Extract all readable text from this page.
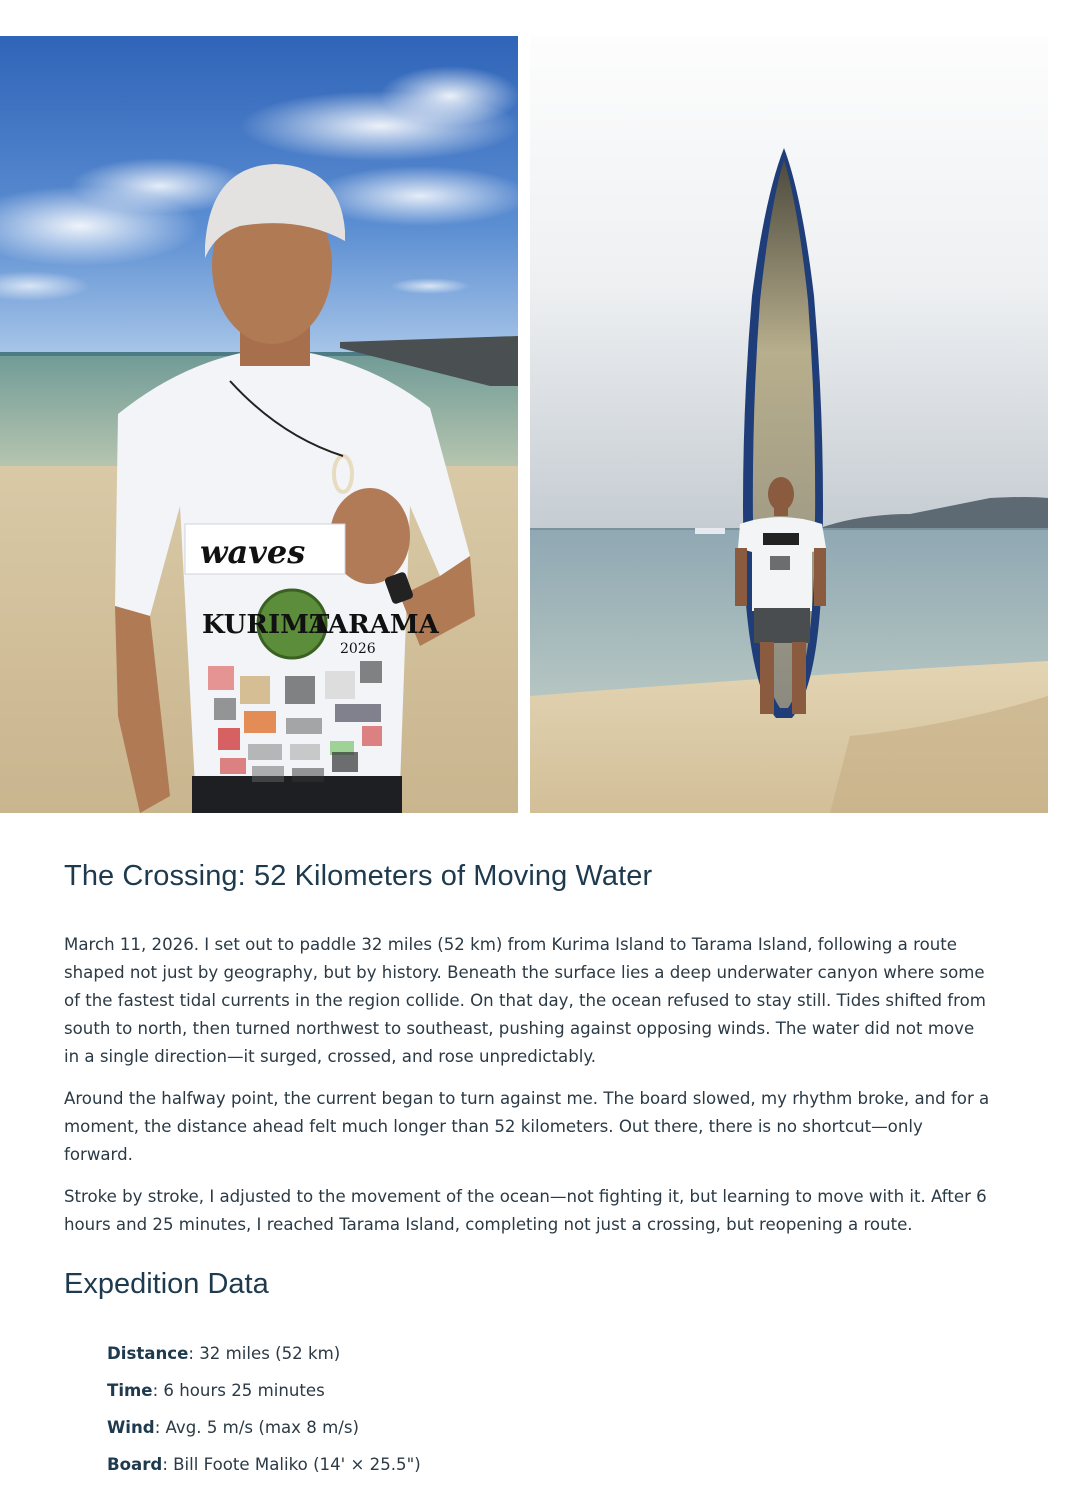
waves
KURIMA
TARAMA
2026
The Crossing: 52 Kilometers of Moving Water

March 11, 2026. I set out to paddle 32 miles (52 km) from Kurima Island to Tarama Island, following a route shaped not just by geography, but by history. Beneath the surface lies a deep underwater canyon where some of the fastest tidal currents in the region collide. On that day, the ocean refused to stay still. Tides shifted from south to north, then turned northwest to southeast, pushing against opposing winds. The water did not move in a single direction—it surged, crossed, and rose unpredictably.

Around the halfway point, the current began to turn against me. The board slowed, my rhythm broke, and for a moment, the distance ahead felt much longer than 52 kilometers. Out there, there is no shortcut—only forward.

Stroke by stroke, I adjusted to the movement of the ocean—not fighting it, but learning to move with it. After 6 hours and 25 minutes, I reached Tarama Island, completing not just a crossing, but reopening a route.

Expedition Data
Distance: 32 miles (52 km)
Time: 6 hours 25 minutes
Wind: Avg. 5 m/s (max 8 m/s)
Board: Bill Foote Maliko (14' × 25.5")
